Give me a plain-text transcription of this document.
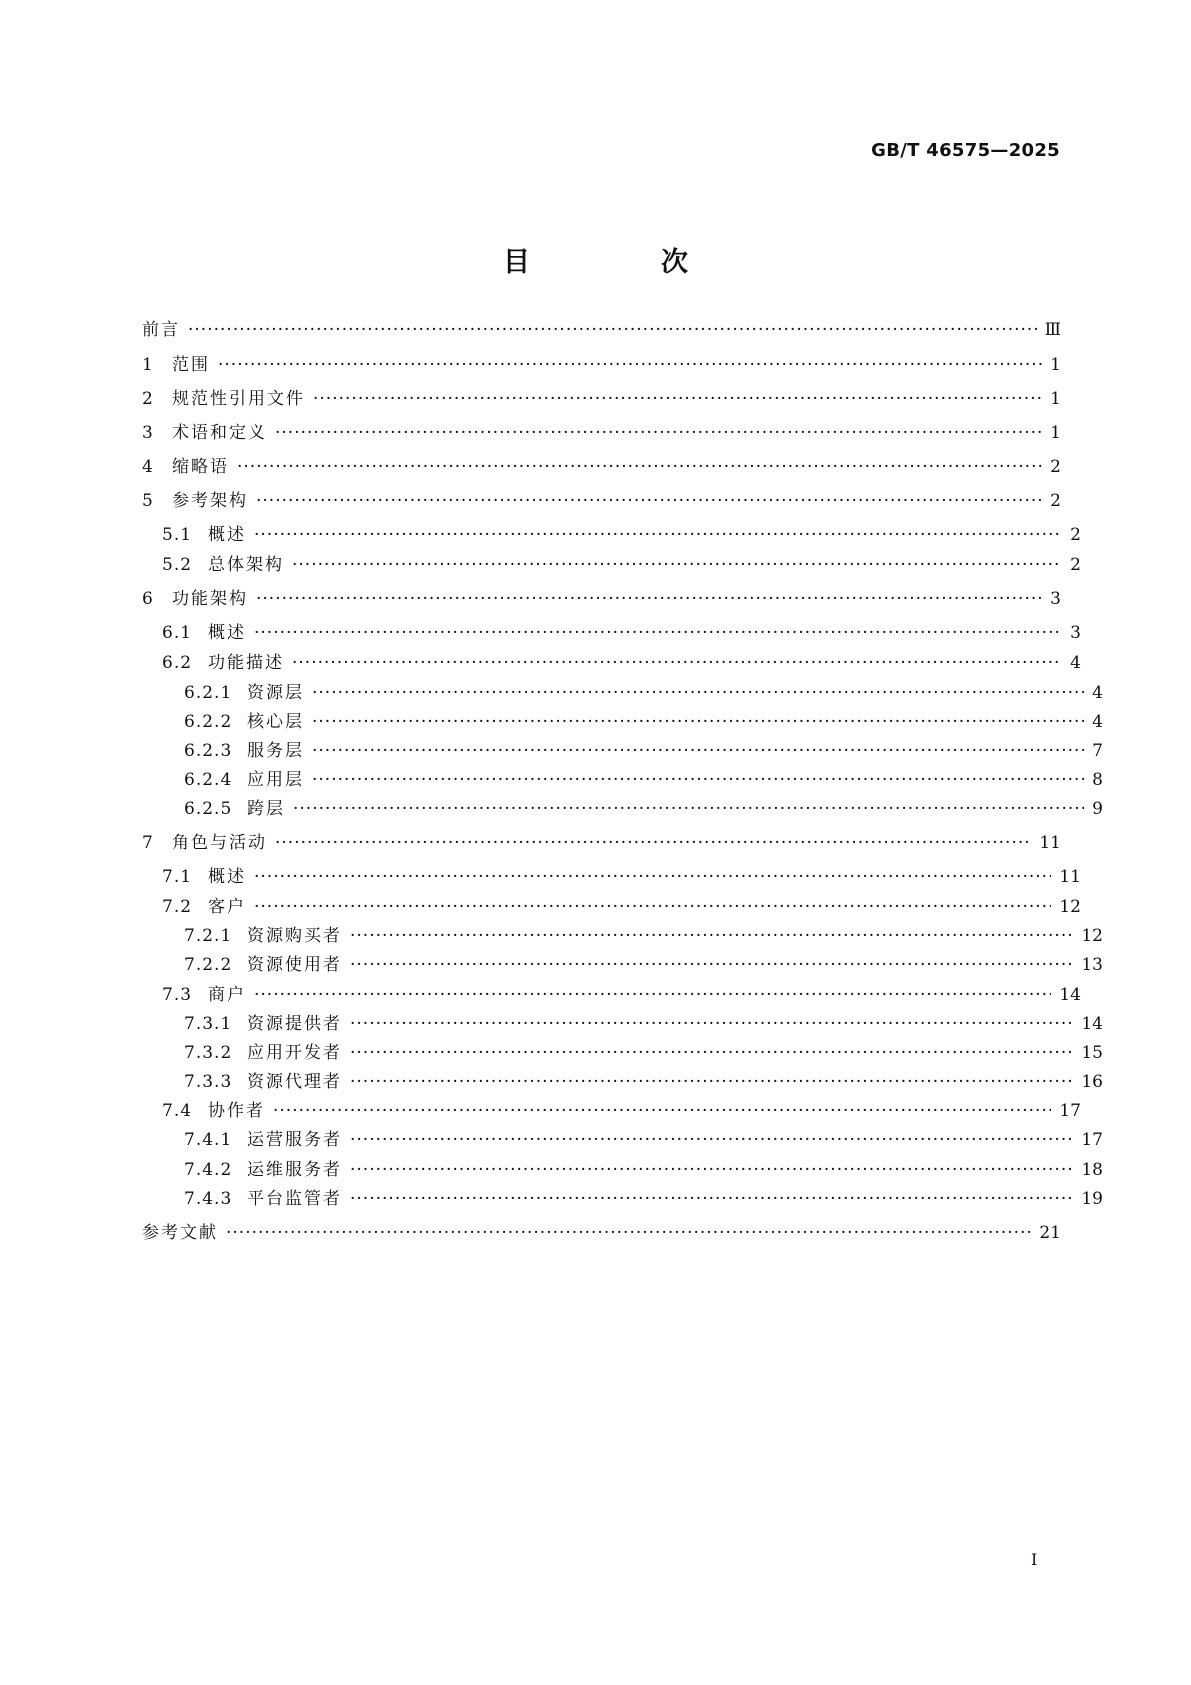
GB/T 46575—2025
目　次
前言 ·····	Ⅲ
1	范围 ·····	1
2	规范性引用文件 ·····	1
3	术语和定义 ·····	1
4	缩略语 ·····	2
5	参考架构 ·····	2
5.1 概述 ·····	2
5.2 总体架构 ·····	2
6	功能架构 ·····	3
6.1 概述 ·····	3
6.2 功能描述 ·····	4
6.2.1 资源层 ·····	4
6.2.2 核心层 ·····	4
6.2.3 服务层 ·····	7
6.2.4 应用层 ·····	8
6.2.5 跨层 ·····	9
7	角色与活动 ·····	11
7.1 概述 ·····	11
7.2 客户 ·····	12
7.2.1 资源购买者 ·····	12
7.2.2 资源使用者 ·····	13
7.3 商户 ·····	14
7.3.1 资源提供者 ·····	14
7.3.2 应用开发者 ·····	15
7.3.3 资源代理者 ·····	16
7.4 协作者 ·····	17
7.4.1 运营服务者 ·····	17
7.4.2 运维服务者 ·····	18
7.4.3 平台监管者 ·····	19
参考文献 ·····	21
I
